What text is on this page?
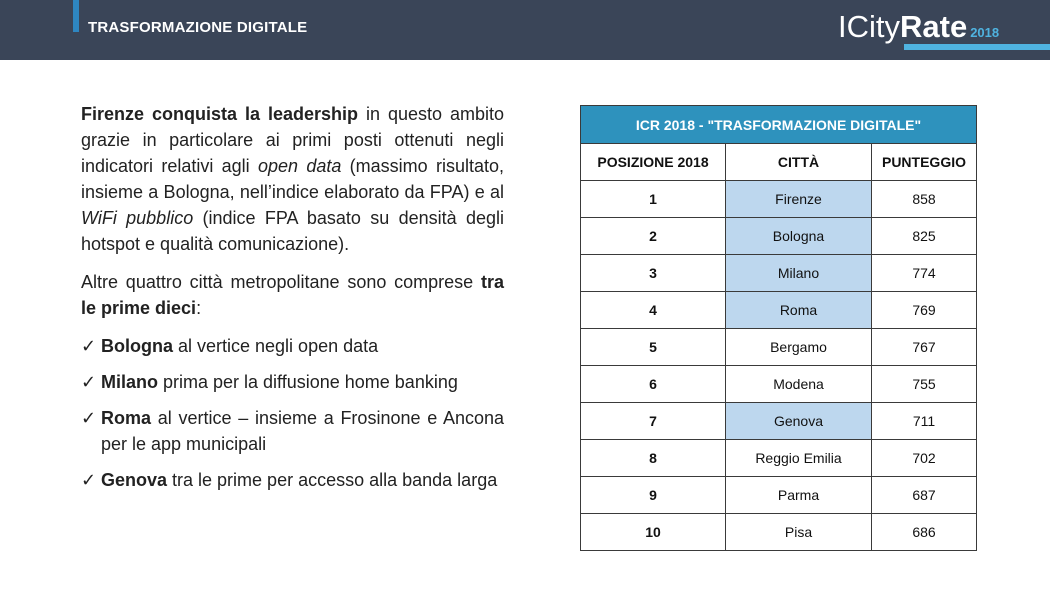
TRASFORMAZIONE DIGITALE	ICityRate 2018

Firenze conquista la leadership in questo ambito grazie in particolare ai primi posti ottenuti negli indicatori relativi agli open data (massimo risultato, insieme a Bologna, nell’indice elaborato da FPA) e al WiFi pubblico (indice FPA basato su densità degli hotspot e qualità comunicazione).

Altre quattro città metropolitane sono comprese tra le prime dieci:

✓ Bologna al vertice negli open data

✓ Milano prima per la diffusione home banking

✓ Roma al vertice – insieme a Frosinone e Ancona per le app municipali

✓ Genova tra le prime per accesso alla banda larga

ICR 2018 - "TRASFORMAZIONE DIGITALE"		
POSIZIONE 2018	CITTÀ	PUNTEGGIO
1	Firenze	858
2	Bologna	825
3	Milano	774
4	Roma	769
5	Bergamo	767
6	Modena	755
7	Genova	711
8	Reggio Emilia	702
9	Parma	687
10	Pisa	686
